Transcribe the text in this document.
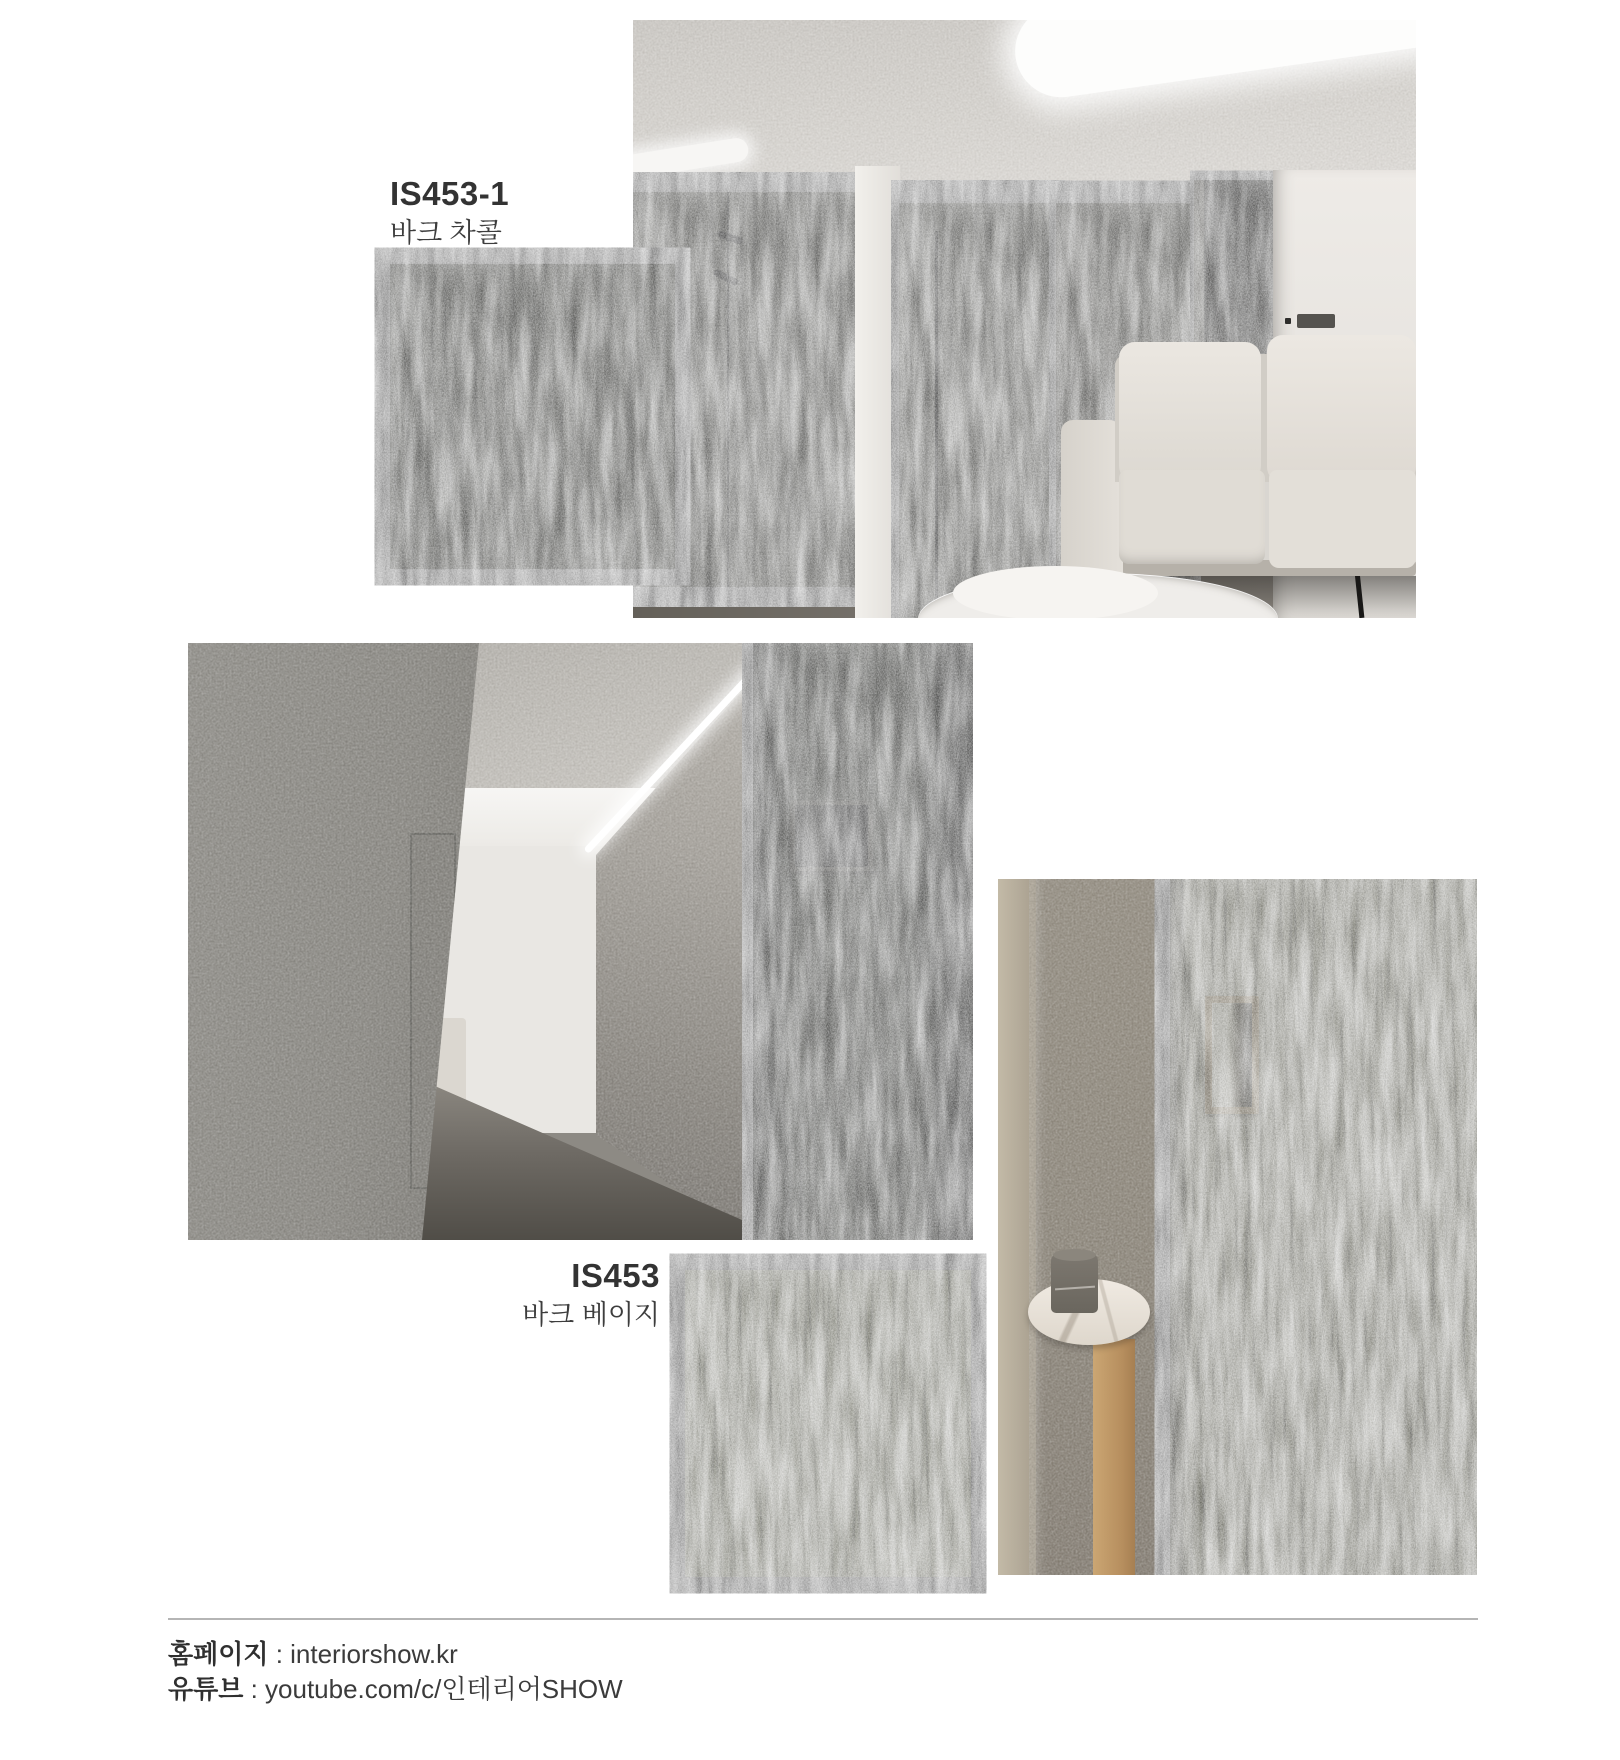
IS453-1
바크 차콜
IS453
바크 베이지
홈페이지 : interiorshow.kr
유튜브 : youtube.com/c/인테리어SHOW
